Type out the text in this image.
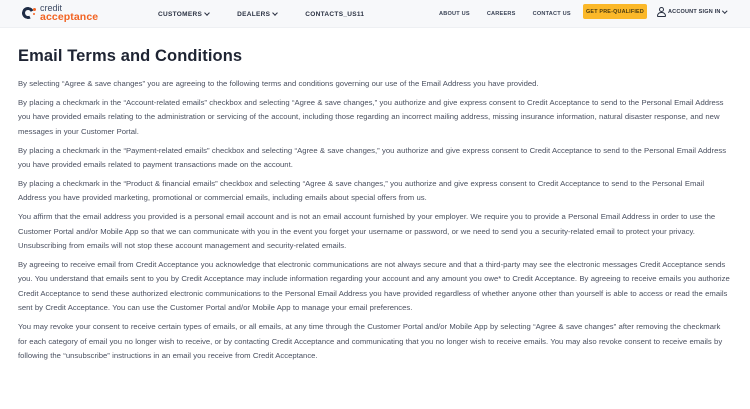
credit
acceptance	CUSTOMERS	DEALERS	CONTACTS_US11	ABOUT US	CAREERS	CONTACT US	GET PRE-QUALIFIED	ACCOUNT SIGN IN
Email Terms and Conditions

By selecting “Agree & save changes” you are agreeing to the following terms and conditions governing our use of the Email Address you have provided.

By placing a checkmark in the “Account-related emails” checkbox and selecting “Agree & save changes,” you authorize and give express consent to Credit Acceptance to send to the Personal Email Address you have provided emails relating to the administration or servicing of the account, including those regarding an incorrect mailing address, missing insurance information, natural disaster response, and new messages in your Customer Portal.

By placing a checkmark in the “Payment-related emails” checkbox and selecting “Agree & save changes,” you authorize and give express consent to Credit Acceptance to send to the Personal Email Address you have provided emails related to payment transactions made on the account.

By placing a checkmark in the “Product & financial emails” checkbox and selecting “Agree & save changes,” you authorize and give express consent to Credit Acceptance to send to the Personal Email Address you have provided marketing, promotional or commercial emails, including emails about special offers from us.

You affirm that the email address you provided is a personal email account and is not an email account furnished by your employer. We require you to provide a Personal Email Address in order to use the Customer Portal and/or Mobile App so that we can communicate with you in the event you forget your username or password, or we need to send you a security-related email to protect your privacy. Unsubscribing from emails will not stop these account management and security-related emails.

By agreeing to receive email from Credit Acceptance you acknowledge that electronic communications are not always secure and that a third-party may see the electronic messages Credit Acceptance sends you. You understand that emails sent to you by Credit Acceptance may include information regarding your account and any amount you owe* to Credit Acceptance. By agreeing to receive emails you authorize Credit Acceptance to send these authorized electronic communications to the Personal Email Address you have provided regardless of whether anyone other than yourself is able to access or read the emails sent by Credit Acceptance. You can use the Customer Portal and/or Mobile App to manage your email preferences.

You may revoke your consent to receive certain types of emails, or all emails, at any time through the Customer Portal and/or Mobile App by selecting “Agree & save changes” after removing the checkmark for each category of email you no longer wish to receive, or by contacting Credit Acceptance and communicating that you no longer wish to receive emails. You may also revoke consent to receive emails by following the “unsubscribe” instructions in an email you receive from Credit Acceptance.
